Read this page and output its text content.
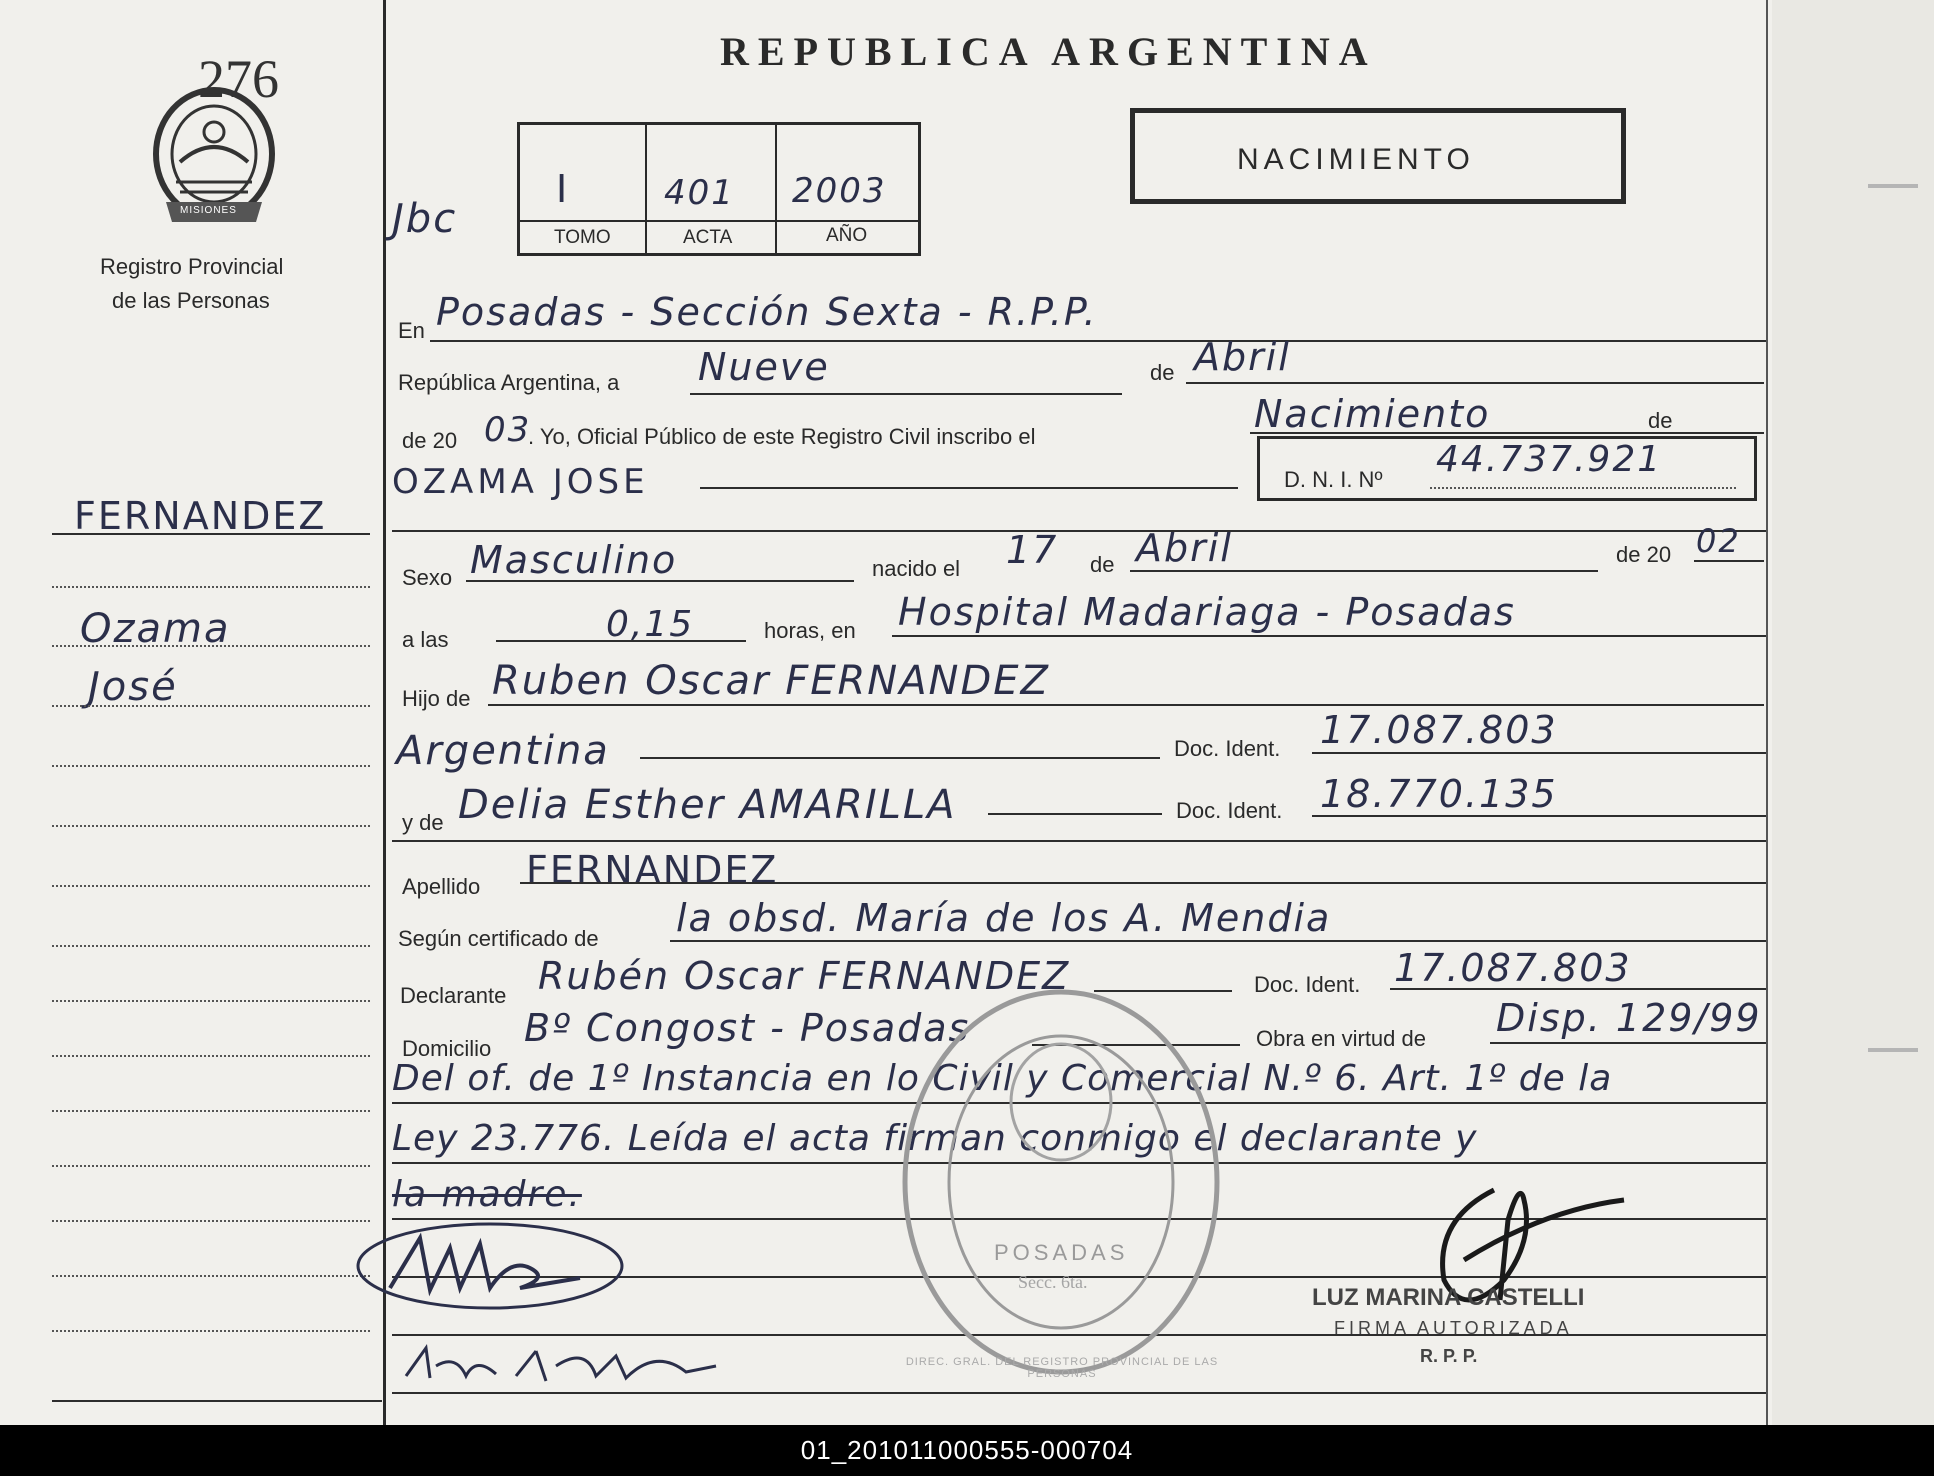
276
MISIONES
Registro Provincial
de las Personas
FERNANDEZ
Ozama
José
REPUBLICA ARGENTINA
I	401 2003
TOMO	ACTA	AÑO
Jbc
NACIMIENTO
En Posadas - Sección Sexta - R.P.P.
República Argentina, a Nueve	de Abril
de 20 03
. Yo, Oficial Público de este Registro Civil inscribo el
Nacimiento	de
OZAMA JOSE	D. N. I. Nº 44.737.921
Sexo Masculino	nacido el 17 de Abril	de 20 02
a las	0,15	horas, en Hospital Madariaga - Posadas
Hijo de Ruben Oscar FERNANDEZ
Argentina	Doc. Ident. 17.087.803
y de Delia Esther AMARILLA	Doc. Ident. 18.770.135
Apellido FERNANDEZ
Según certificado de la obsd. María de los A. Mendia
Declarante Rubén Oscar FERNANDEZ	Doc. Ident. 17.087.803
Domicilio Bº Congost - Posadas	Obra en virtud de Disp. 129/99
Del of. de 1º Instancia en lo Civil y Comercial N.º 6. Art. 1º de la
Ley 23.776. Leída el acta firman conmigo el declarante y
la madre.
POSADAS
Secc. 6ta.
DIREC. GRAL. DEL REGISTRO PROVINCIAL DE LAS PERSONAS
LUZ MARINA CASTELLI
FIRMA AUTORIZADA
R. P. P.
01_201011000555-000704
